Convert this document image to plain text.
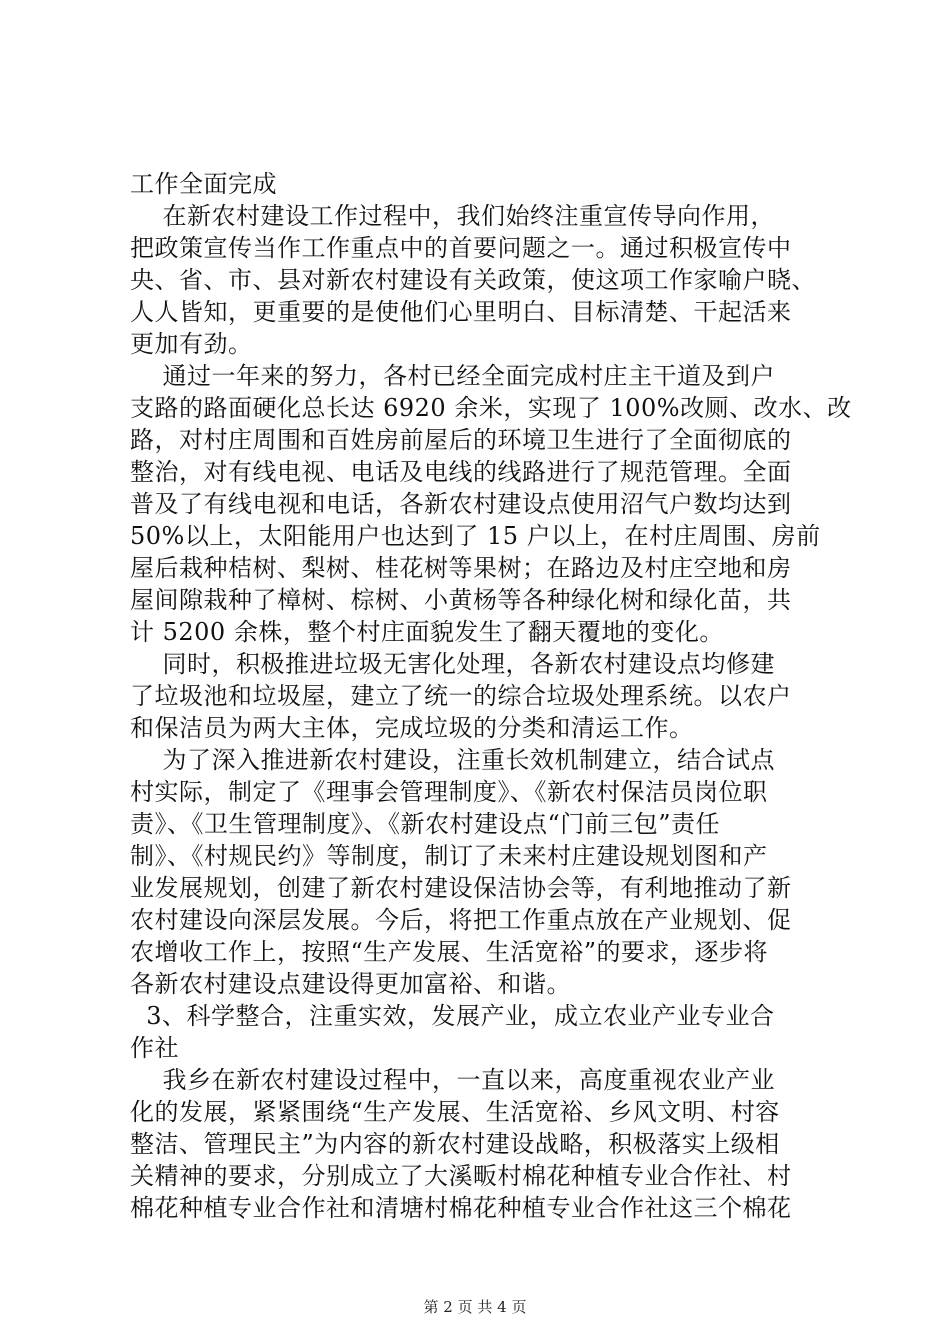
工作全面完成
在新农村建设工作过程中，我们始终注重宣传导向作用，
把政策宣传当作工作重点中的首要问题之一。通过积极宣传中
央、省、市、县对新农村建设有关政策，使这项工作家喻户晓、
人人皆知，更重要的是使他们心里明白、目标清楚、干起活来
更加有劲。
通过一年来的努力，各村已经全面完成村庄主干道及到户
支路的路面硬化总长达 6920 余米，实现了 100%改厕、改水、改
路，对村庄周围和百姓房前屋后的环境卫生进行了全面彻底的
整治，对有线电视、电话及电线的线路进行了规范管理。全面
普及了有线电视和电话，各新农村建设点使用沼气户数均达到
50%以上，太阳能用户也达到了 15 户以上，在村庄周围、房前
屋后栽种桔树、梨树、桂花树等果树；在路边及村庄空地和房
屋间隙栽种了樟树、棕树、小黄杨等各种绿化树和绿化苗，共
计 5200 余株，整个村庄面貌发生了翻天覆地的变化。
同时，积极推进垃圾无害化处理，各新农村建设点均修建
了垃圾池和垃圾屋，建立了统一的综合垃圾处理系统。以农户
和保洁员为两大主体，完成垃圾的分类和清运工作。
为了深入推进新农村建设，注重长效机制建立，结合试点
村实际，制定了《理事会管理制度》、《新农村保洁员岗位职
责》、《卫生管理制度》、《新农村建设点“门前三包”责任
制》、《村规民约》等制度，制订了未来村庄建设规划图和产
业发展规划，创建了新农村建设保洁协会等，有利地推动了新
农村建设向深层发展。今后，将把工作重点放在产业规划、促
农增收工作上，按照“生产发展、生活宽裕”的要求，逐步将
各新农村建设点建设得更加富裕、和谐。
3、科学整合，注重实效，发展产业，成立农业产业专业合
作社
我乡在新农村建设过程中，一直以来，高度重视农业产业
化的发展，紧紧围绕“生产发展、生活宽裕、乡风文明、村容
整洁、管理民主”为内容的新农村建设战略，积极落实上级相
关精神的要求，分别成立了大溪畈村棉花种植专业合作社、村
棉花种植专业合作社和清塘村棉花种植专业合作社这三个棉花
第 2 页 共 4 页
